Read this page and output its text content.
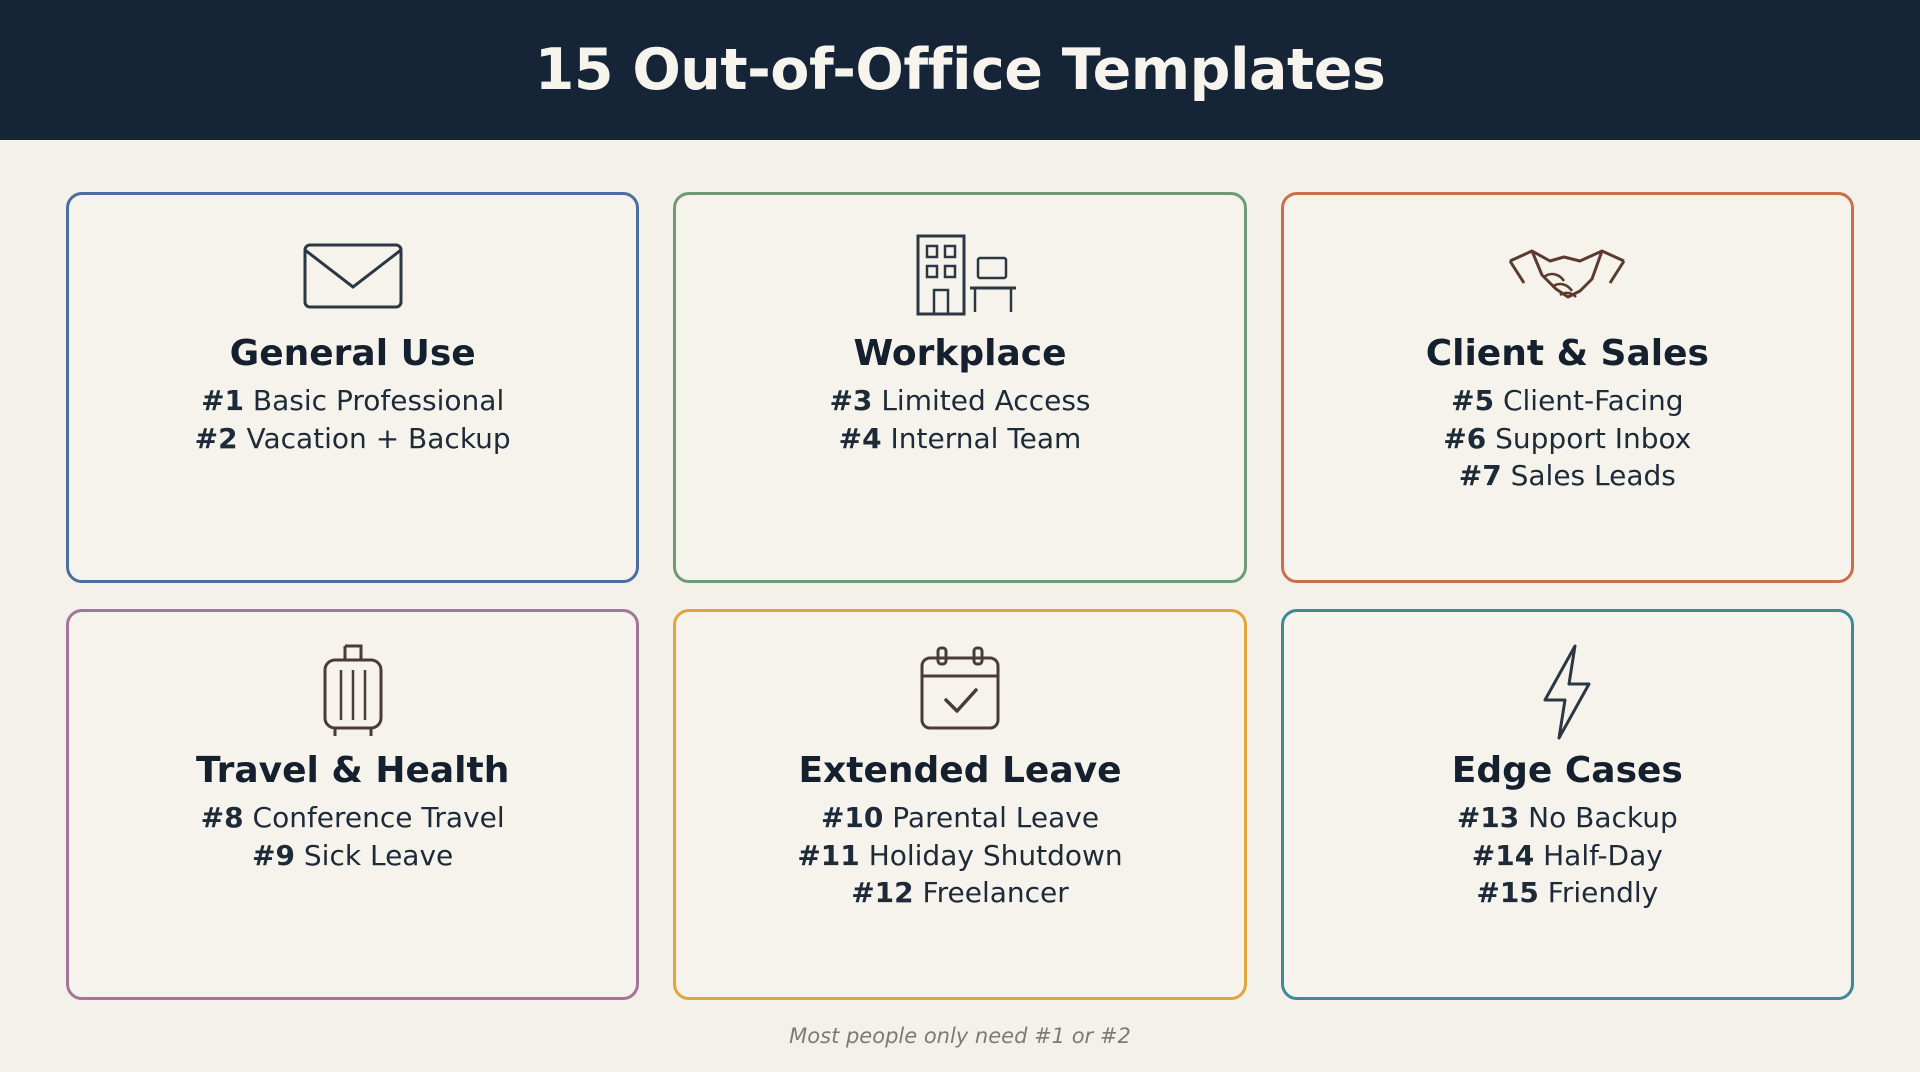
15 Out-of-Office Templates
General Use
#1 Basic Professional
#2 Vacation + Backup
Workplace
#3 Limited Access
#4 Internal Team
Client & Sales
#5 Client-Facing
#6 Support Inbox
#7 Sales Leads
Travel & Health
#8 Conference Travel
#9 Sick Leave
Extended Leave
#10 Parental Leave
#11 Holiday Shutdown
#12 Freelancer
Edge Cases
#13 No Backup
#14 Half-Day
#15 Friendly
Most people only need #1 or #2
